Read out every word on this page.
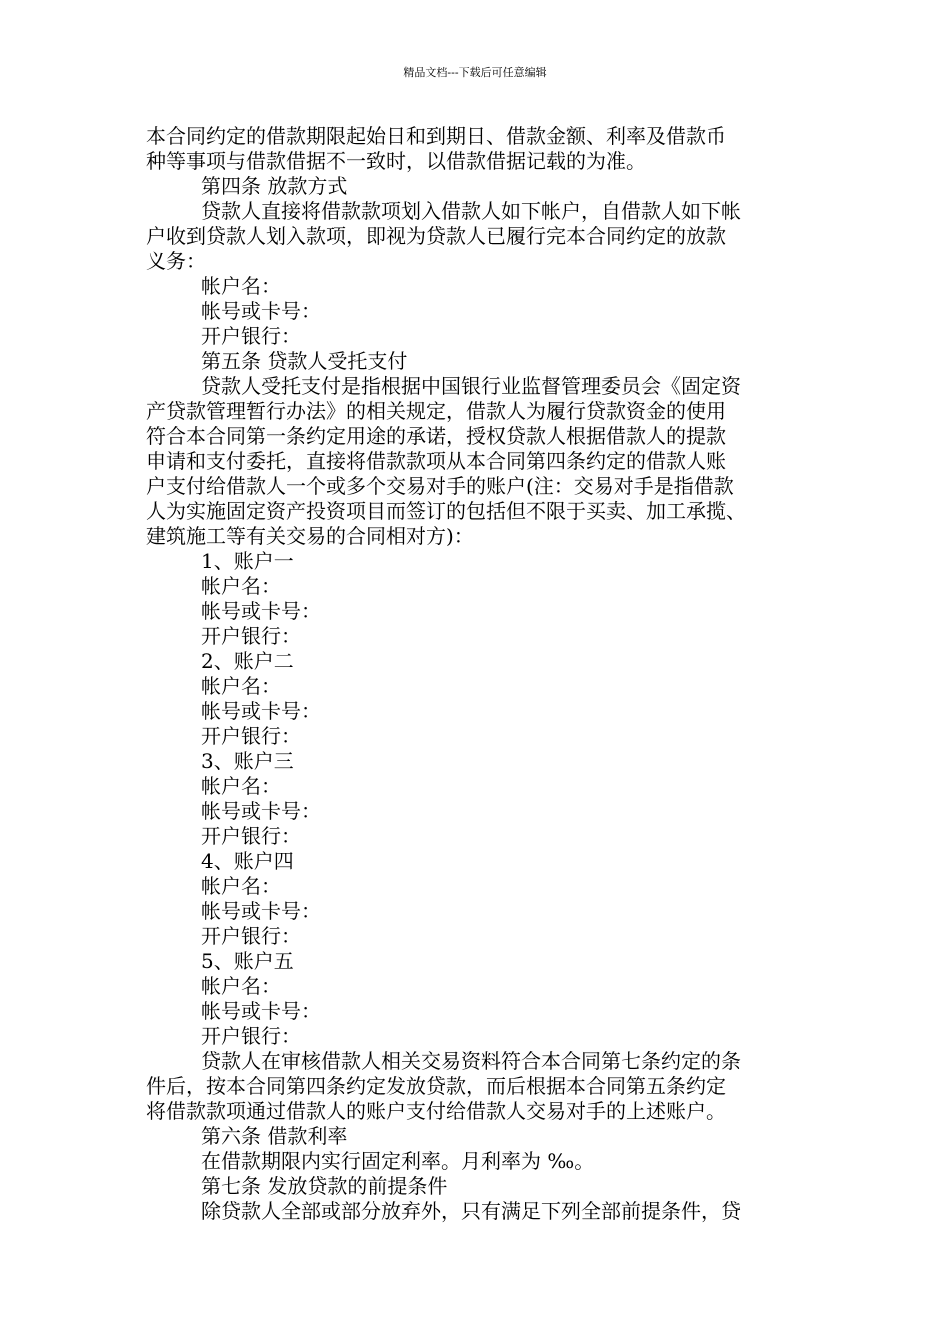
精品文档---下载后可任意编辑
本合同约定的借款期限起始日和到期日、借款金额、利率及借款币
种等事项与借款借据不一致时，以借款借据记载的为准。
第四条 放款方式
贷款人直接将借款款项划入借款人如下帐户，自借款人如下帐
户收到贷款人划入款项，即视为贷款人已履行完本合同约定的放款
义务：
帐户名：
帐号或卡号：
开户银行：
第五条 贷款人受托支付
贷款人受托支付是指根据中国银行业监督管理委员会《固定资
产贷款管理暂行办法》的相关规定，借款人为履行贷款资金的使用
符合本合同第一条约定用途的承诺，授权贷款人根据借款人的提款
申请和支付委托，直接将借款款项从本合同第四条约定的借款人账
户支付给借款人一个或多个交易对手的账户(注：交易对手是指借款
人为实施固定资产投资项目而签订的包括但不限于买卖、加工承揽、
建筑施工等有关交易的合同相对方)：
1、账户一
帐户名：
帐号或卡号：
开户银行：
2、账户二
帐户名：
帐号或卡号：
开户银行：
3、账户三
帐户名：
帐号或卡号：
开户银行：
4、账户四
帐户名：
帐号或卡号：
开户银行：
5、账户五
帐户名：
帐号或卡号：
开户银行：
贷款人在审核借款人相关交易资料符合本合同第七条约定的条
件后，按本合同第四条约定发放贷款，而后根据本合同第五条约定
将借款款项通过借款人的账户支付给借款人交易对手的上述账户。
第六条 借款利率
在借款期限内实行固定利率。月利率为 ‰。
第七条 发放贷款的前提条件
除贷款人全部或部分放弃外，只有满足下列全部前提条件，贷
